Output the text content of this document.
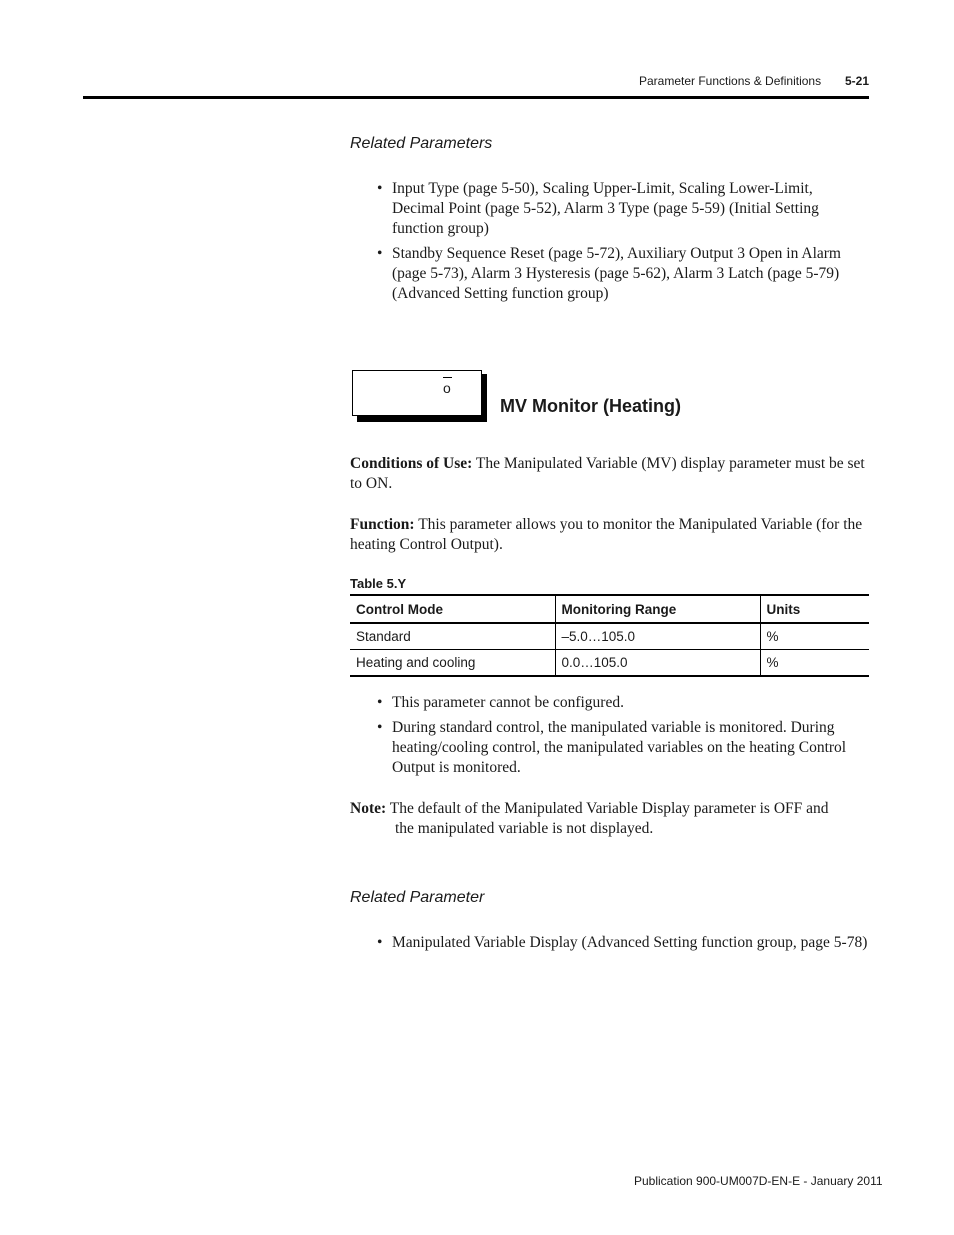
Parameter Functions & Definitions 5-21
Related Parameters
• Input Type (page 5-50), Scaling Upper-Limit, Scaling Lower-Limit, Decimal Point (page 5-52), Alarm 3 Type (page 5-59) (Initial Setting function group)
• Standby Sequence Reset (page 5-72), Auxiliary Output 3 Open in Alarm (page 5-73), Alarm 3 Hysteresis (page 5-62), Alarm 3 Latch (page 5-79) (Advanced Setting function group)
o
MV Monitor (Heating)
Conditions of Use: The Manipulated Variable (MV) display parameter must be set to ON.
Function: This parameter allows you to monitor the Manipulated Variable (for the heating Control Output).
Table 5.Y
Control Mode	Monitoring Range	Units
Standard	–5.0…105.0	%
Heating and cooling	0.0…105.0	%
• This parameter cannot be configured.
• During standard control, the manipulated variable is monitored. During heating/cooling control, the manipulated variables on the heating Control Output is monitored.
Note: The default of the Manipulated Variable Display parameter is OFF and
the manipulated variable is not displayed.
Related Parameter
• Manipulated Variable Display (Advanced Setting function group, page 5-78)
Publication 900-UM007D-EN-E - January 2011
